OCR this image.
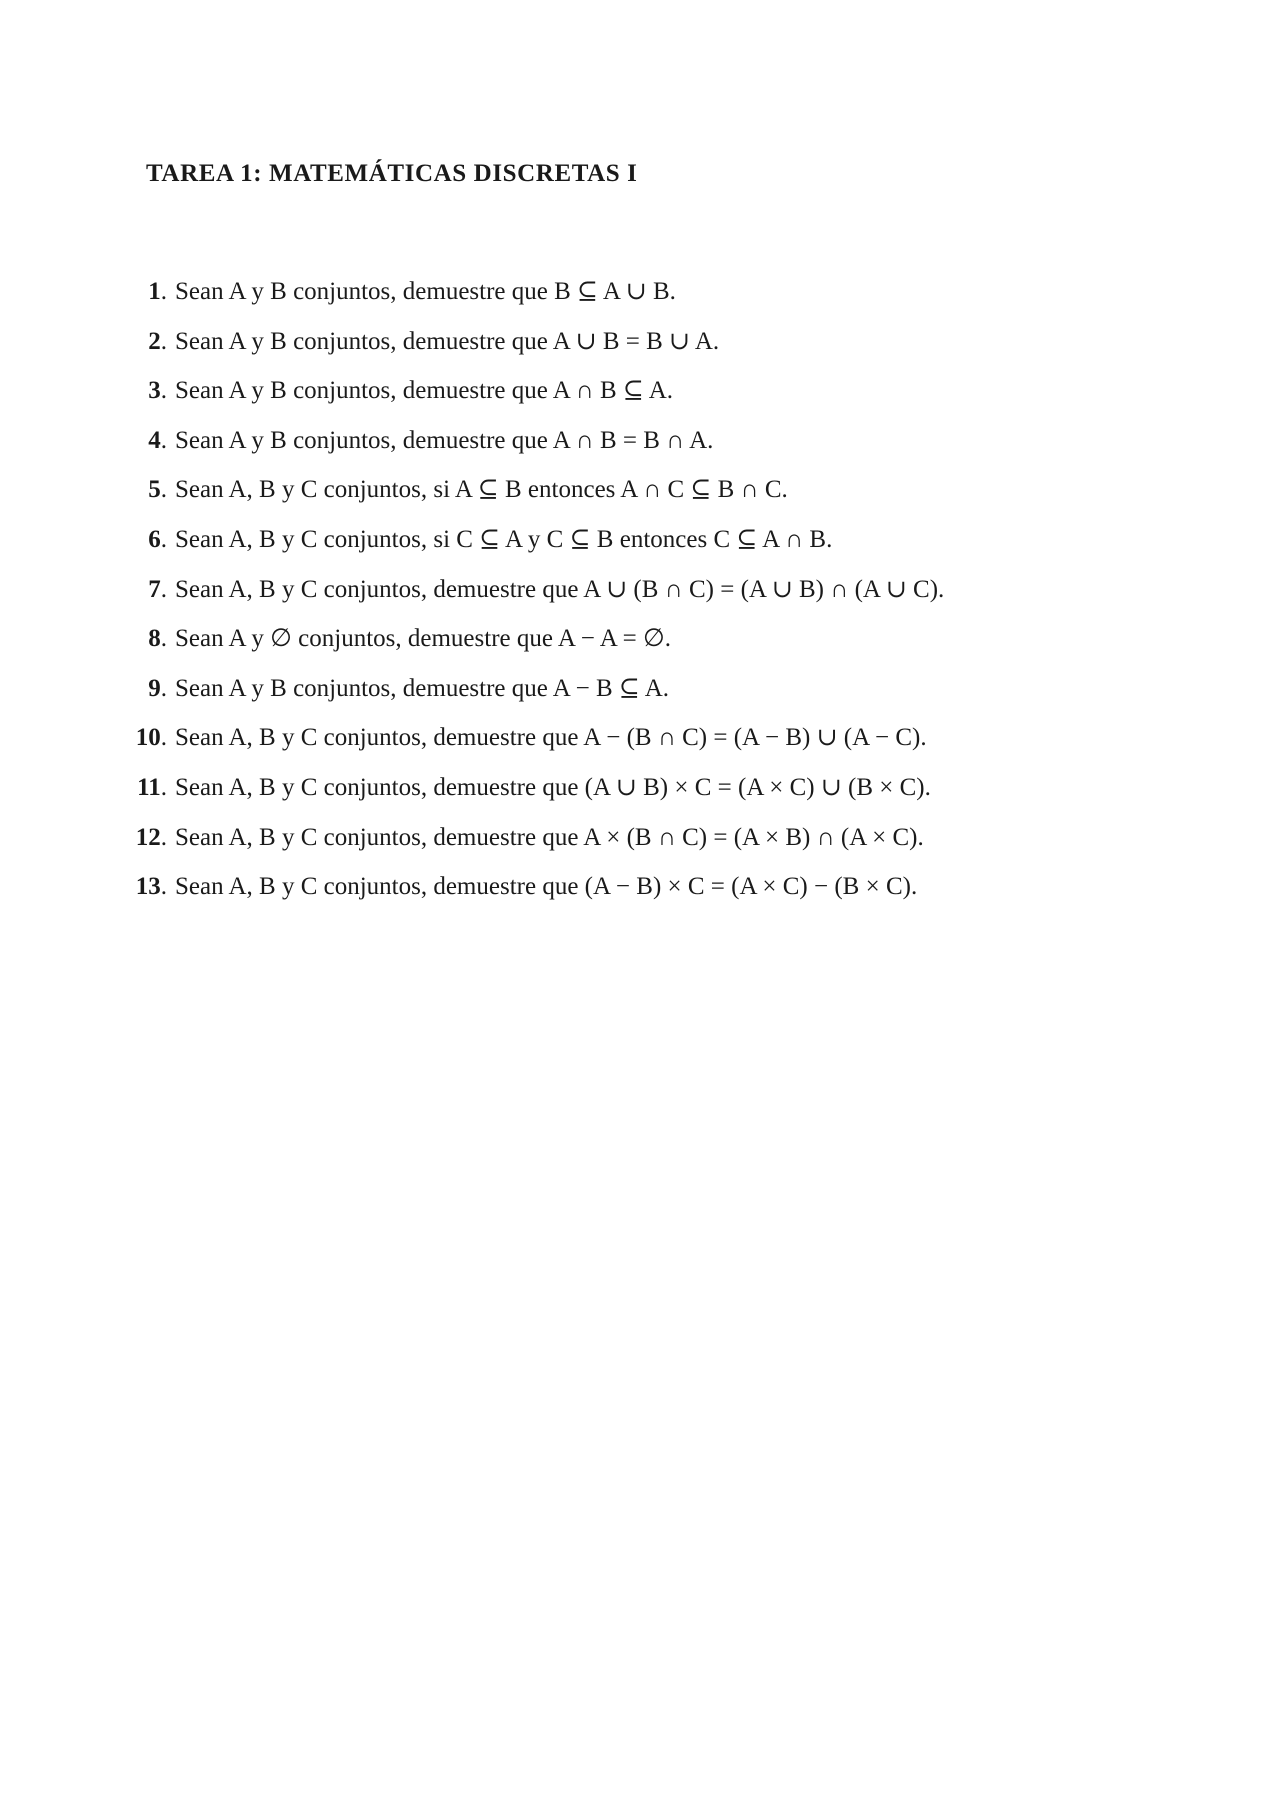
TAREA 1: MATEMÁTICAS DISCRETAS I
1. Sean A y B conjuntos, demuestre que B ⊆ A ∪ B.
2. Sean A y B conjuntos, demuestre que A ∪ B = B ∪ A.
3. Sean A y B conjuntos, demuestre que A ∩ B ⊆ A.
4. Sean A y B conjuntos, demuestre que A ∩ B = B ∩ A.
5. Sean A, B y C conjuntos, si A ⊆ B entonces A ∩ C ⊆ B ∩ C.
6. Sean A, B y C conjuntos, si C ⊆ A y C ⊆ B entonces C ⊆ A ∩ B.
7. Sean A, B y C conjuntos, demuestre que A ∪ (B ∩ C) = (A ∪ B) ∩ (A ∪ C).
8. Sean A y ∅ conjuntos, demuestre que A − A = ∅.
9. Sean A y B conjuntos, demuestre que A − B ⊆ A.
10. Sean A, B y C conjuntos, demuestre que A − (B ∩ C) = (A − B) ∪ (A − C).
11. Sean A, B y C conjuntos, demuestre que (A ∪ B) × C = (A × C) ∪ (B × C).
12. Sean A, B y C conjuntos, demuestre que A × (B ∩ C) = (A × B) ∩ (A × C).
13. Sean A, B y C conjuntos, demuestre que (A − B) × C = (A × C) − (B × C).
